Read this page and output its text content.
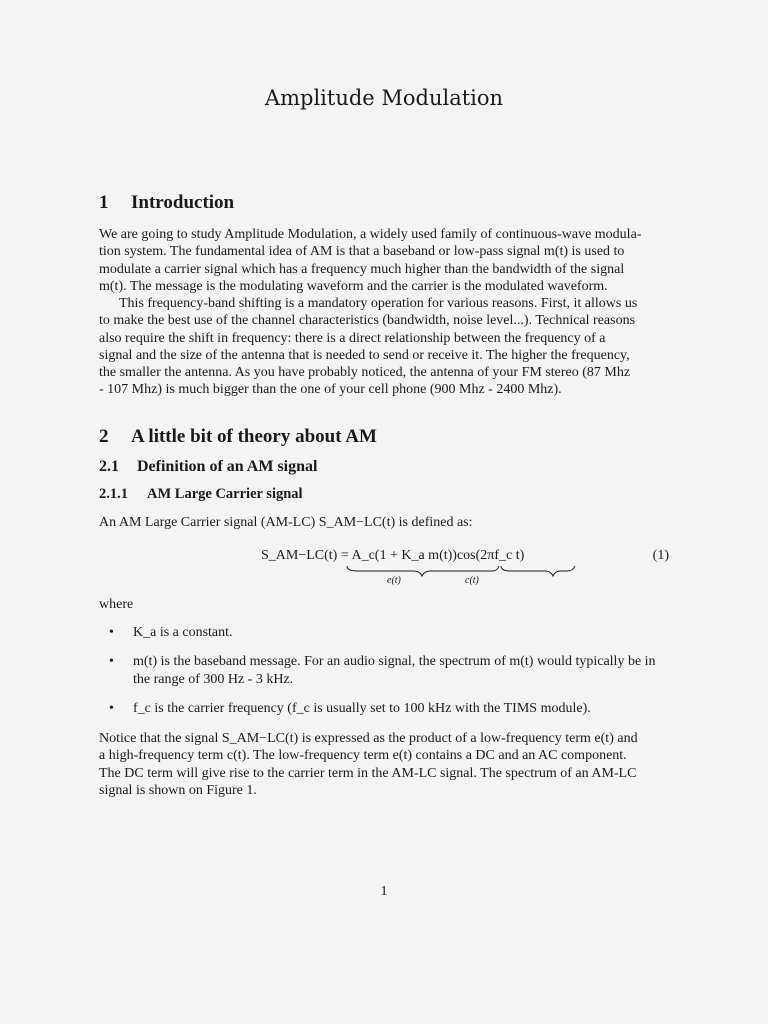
Amplitude Modulation
1 Introduction
We are going to study Amplitude Modulation, a widely used family of continuous-wave modula-
tion system. The fundamental idea of AM is that a baseband or low-pass signal m(t) is used to
modulate a carrier signal which has a frequency much higher than the bandwidth of the signal
m(t). The message is the modulating waveform and the carrier is the modulated waveform.
This frequency-band shifting is a mandatory operation for various reasons. First, it allows us
to make the best use of the channel characteristics (bandwidth, noise level...). Technical reasons
also require the shift in frequency: there is a direct relationship between the frequency of a
signal and the size of the antenna that is needed to send or receive it. The higher the frequency,
the smaller the antenna. As you have probably noticed, the antenna of your FM stereo (87 Mhz
- 107 Mhz) is much bigger than the one of your cell phone (900 Mhz - 2400 Mhz).
2 A little bit of theory about AM
2.1 Definition of an AM signal
2.1.1 AM Large Carrier signal
An AM Large Carrier signal (AM-LC) S_AM−LC(t) is defined as:
S_AM−LC(t) = A_c(1 + K_a m(t))cos(2πf_c t)
e(t)	c(t)
(1)
where
• K_a is a constant.
• m(t) is the baseband message. For an audio signal, the spectrum of m(t) would typically be in the range of 300 Hz - 3 kHz.
• f_c is the carrier frequency (f_c is usually set to 100 kHz with the TIMS module).
Notice that the signal S_AM−LC(t) is expressed as the product of a low-frequency term e(t) and
a high-frequency term c(t). The low-frequency term e(t) contains a DC and an AC component.
The DC term will give rise to the carrier term in the AM-LC signal. The spectrum of an AM-LC
signal is shown on Figure 1.
1
